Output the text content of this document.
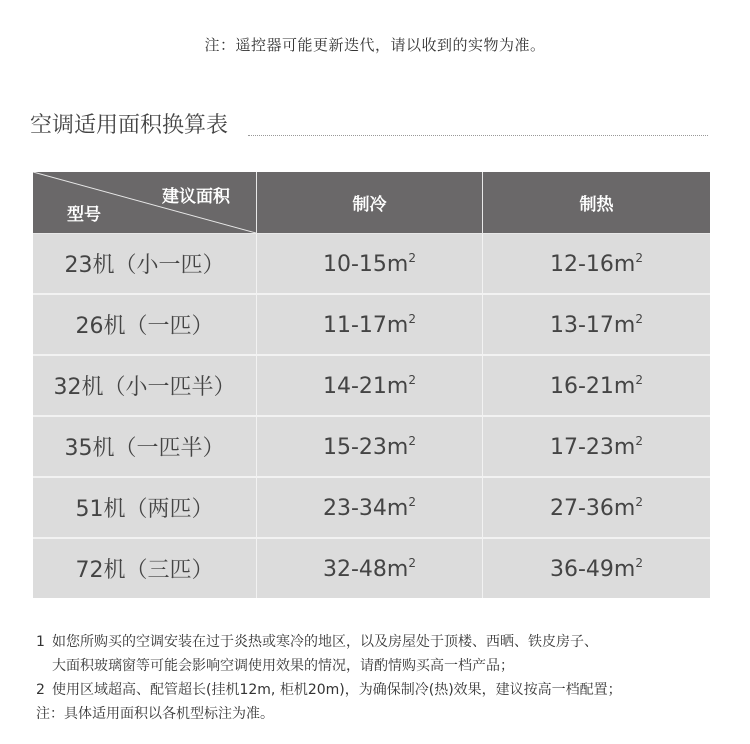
注：遥控器可能更新迭代，请以收到的实物为准。
空调适用面积换算表
建议面积
型号	制冷	制热
23机（小一匹）	$10-15m^2$	$12-16m^2$
26机（一匹）	$11-17m^2$	$13-17m^2$
32机（小一匹半）	$14-21m^2$	$16-21m^2$
35机（一匹半）	$15-23m^2$	$17-23m^2$
51机（两匹）	$23-34m^2$	$27-36m^2$
72机（三匹）	$32-48m^2$	$36-49m^2$
1 如您所购买的空调安装在过于炎热或寒冷的地区，以及房屋处于顶楼、西晒、铁皮房子、
大面积玻璃窗等可能会影响空调使用效果的情况，请酌情购买高一档产品；
2 使用区域超高、配管超长(挂机12m, 柜机20m)，为确保制冷(热)效果，建议按高一档配置；
注：具体适用面积以各机型标注为准。
